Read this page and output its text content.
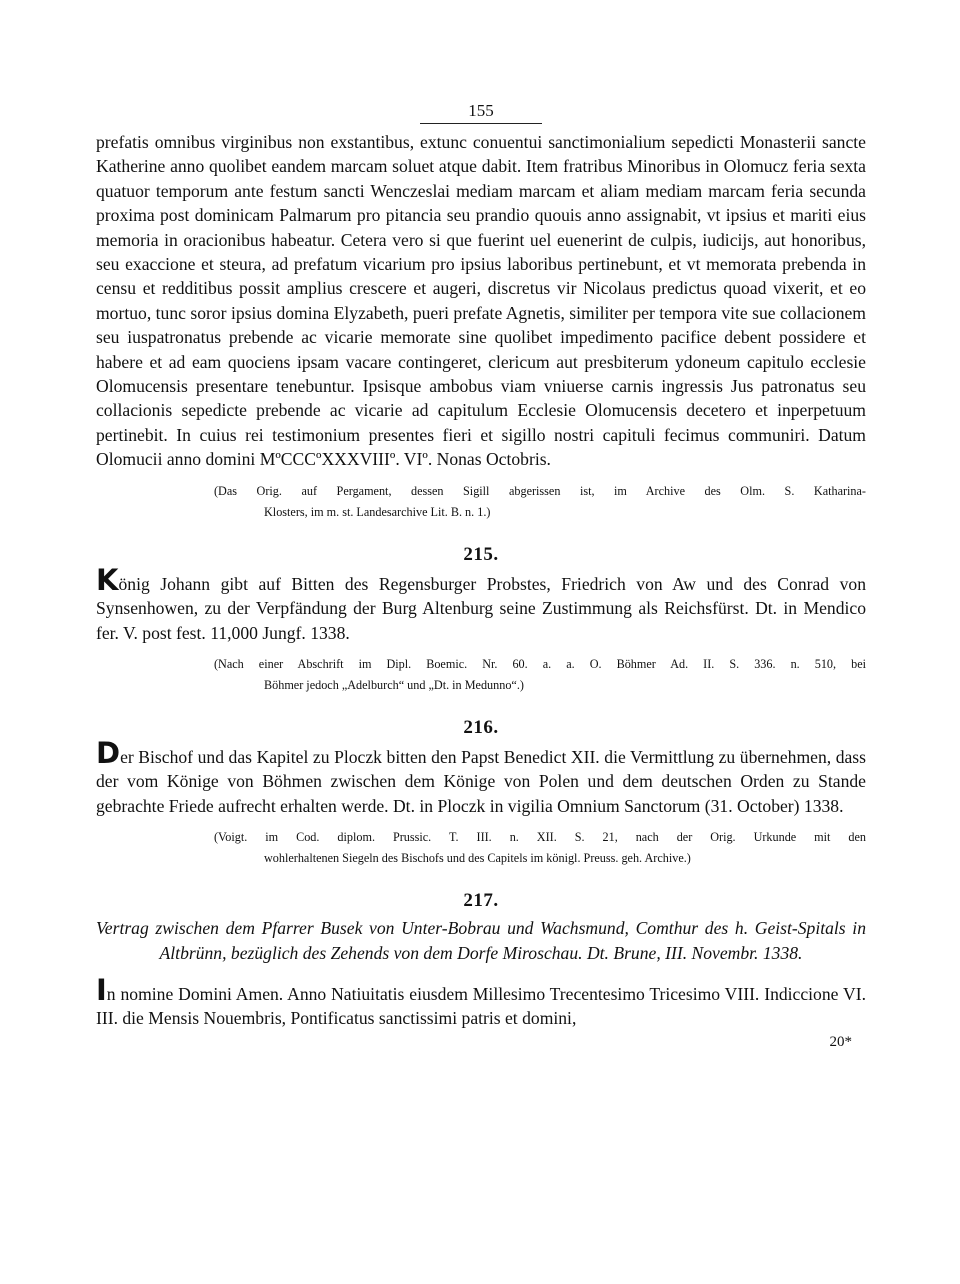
155

prefatis omnibus virginibus non exstantibus, extunc conuentui sanctimonialium sepedicti Monasterii sancte Katherine anno quolibet eandem marcam soluet atque dabit. Item fratribus Minoribus in Olomucz feria sexta quatuor temporum ante festum sancti Wenczeslai mediam marcam et aliam mediam marcam feria secunda proxima post dominicam Palmarum pro pitancia seu prandio quouis anno assignabit, vt ipsius et mariti eius memoria in oracionibus habeatur. Cetera vero si que fuerint uel euenerint de culpis, iudicijs, aut honoribus, seu exaccione et steura, ad prefatum vicarium pro ipsius laboribus pertinebunt, et vt memorata prebenda in censu et redditibus possit amplius crescere et augeri, discretus vir Nicolaus predictus quoad vixerit, et eo mortuo, tunc soror ipsius domina Elyzabeth, pueri prefate Agnetis, similiter per tempora vite sue collacionem seu iuspatronatus prebende ac vicarie memorate sine quolibet impedimento pacifice debent possidere et habere et ad eam quociens ipsam vacare contingeret, clericum aut presbiterum ydoneum capitulo ecclesie Olomucensis presentare tenebuntur. Ipsisque ambobus viam vniuerse carnis ingressis Jus patronatus seu collacionis sepedicte prebende ac vicarie ad capitulum Ecclesie Olomucensis decetero et inperpetuum pertinebit. In cuius rei testimonium presentes fieri et sigillo nostri capituli fecimus communiri. Datum Olomucii anno domini MºCCCºXXXVIIIº. VIº. Nonas Octobris.

(Das Orig. auf Pergament, dessen Sigill abgerissen ist, im Archive des Olm. S. Katharina-
Klosters, im m. st. Landesarchive Lit. B. n. 1.)
215.

König Johann gibt auf Bitten des Regensburger Probstes, Friedrich von Aw und des Conrad von Synsenhowen, zu der Verpfändung der Burg Altenburg seine Zustimmung als Reichsfürst. Dt. in Mendico fer. V. post fest. 11,000 Jungf. 1338.

(Nach einer Abschrift im Dipl. Boemic. Nr. 60. a. a. O. Böhmer Ad. II. S. 336. n. 510, bei
Böhmer jedoch „Adelburch“ und „Dt. in Medunno“.)
216.

Der Bischof und das Kapitel zu Ploczk bitten den Papst Benedict XII. die Vermittlung zu übernehmen, dass der vom Könige von Böhmen zwischen dem Könige von Polen und dem deutschen Orden zu Stande gebrachte Friede aufrecht erhalten werde. Dt. in Ploczk in vigilia Omnium Sanctorum (31. October) 1338.

(Voigt. im Cod. diplom. Prussic. T. III. n. XII. S. 21, nach der Orig. Urkunde mit den
wohlerhaltenen Siegeln des Bischofs und des Capitels im königl. Preuss. geh. Archive.)
217.

Vertrag zwischen dem Pfarrer Busek von Unter-Bobrau und Wachsmund, Comthur des h. Geist-Spitals in Altbrünn, bezüglich des Zehends von dem Dorfe Miroschau. Dt. Brune, III. Novembr. 1338.

In nomine Domini Amen. Anno Natiuitatis eiusdem Millesimo Trecentesimo Tricesimo VIII. Indiccione VI. III. die Mensis Nouembris, Pontificatus sanctissimi patris et domini,

20*
